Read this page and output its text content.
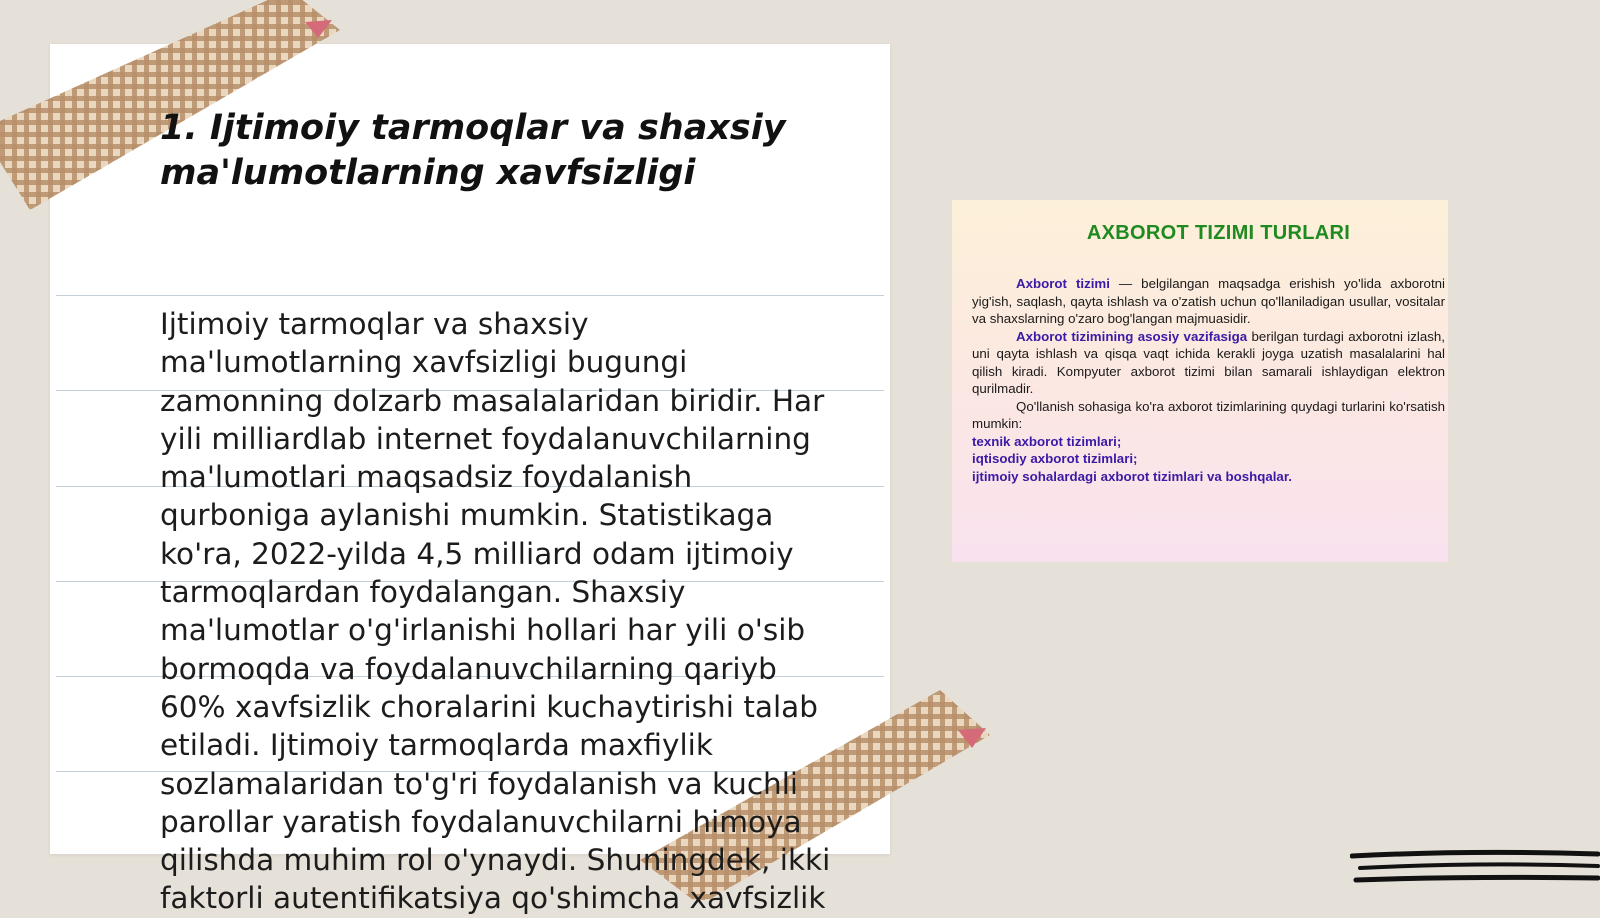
1. Ijtimoiy tarmoqlar va shaxsiy ma'lumotlarning xavfsizligi

Ijtimoiy tarmoqlar va shaxsiy ma'lumotlarning xavfsizligi bugungi zamonning dolzarb masalalaridan biridir. Har yili milliardlab internet foydalanuvchilarning ma'lumotlari maqsadsiz foydalanish qurboniga aylanishi mumkin. Statistikaga ko'ra, 2022-yilda 4,5 milliard odam ijtimoiy tarmoqlardan foydalangan. Shaxsiy ma'lumotlar o'g'irlanishi hollari har yili o'sib bormoqda va foydalanuvchilarning qariyb 60% xavfsizlik choralarini kuchaytirishi talab etiladi. Ijtimoiy tarmoqlarda maxfiylik sozlamalaridan to'g'ri foydalanish va kuchli parollar yaratish foydalanuvchilarni himoya qilishda muhim rol o'ynaydi. Shuningdek, ikki faktorli autentifikatsiya qo'shimcha xavfsizlik

AXBOROT TIZIMI TURLARI

Axborot tizimi — belgilangan maqsadga erishish yo'lida axborotni yig'ish, saqlash, qayta ishlash va o'zatish uchun qo'llaniladigan usullar, vositalar va shaxslarning o'zaro bog'langan majmuasidir.

Axborot tizimining asosiy vazifasiga berilgan turdagi axborotni izlash, uni qayta ishlash va qisqa vaqt ichida kerakli joyga uzatish masalalarini hal qilish kiradi. Kompyuter axborot tizimi bilan samarali ishlaydigan elektron qurilmadir.

Qo'llanish sohasiga ko'ra axborot tizimlarining quydagi turlarini ko'rsatish mumkin:

texnik axborot tizimlari;
iqtisodiy axborot tizimlari;
ijtimoiy sohalardagi axborot tizimlari va boshqalar.
